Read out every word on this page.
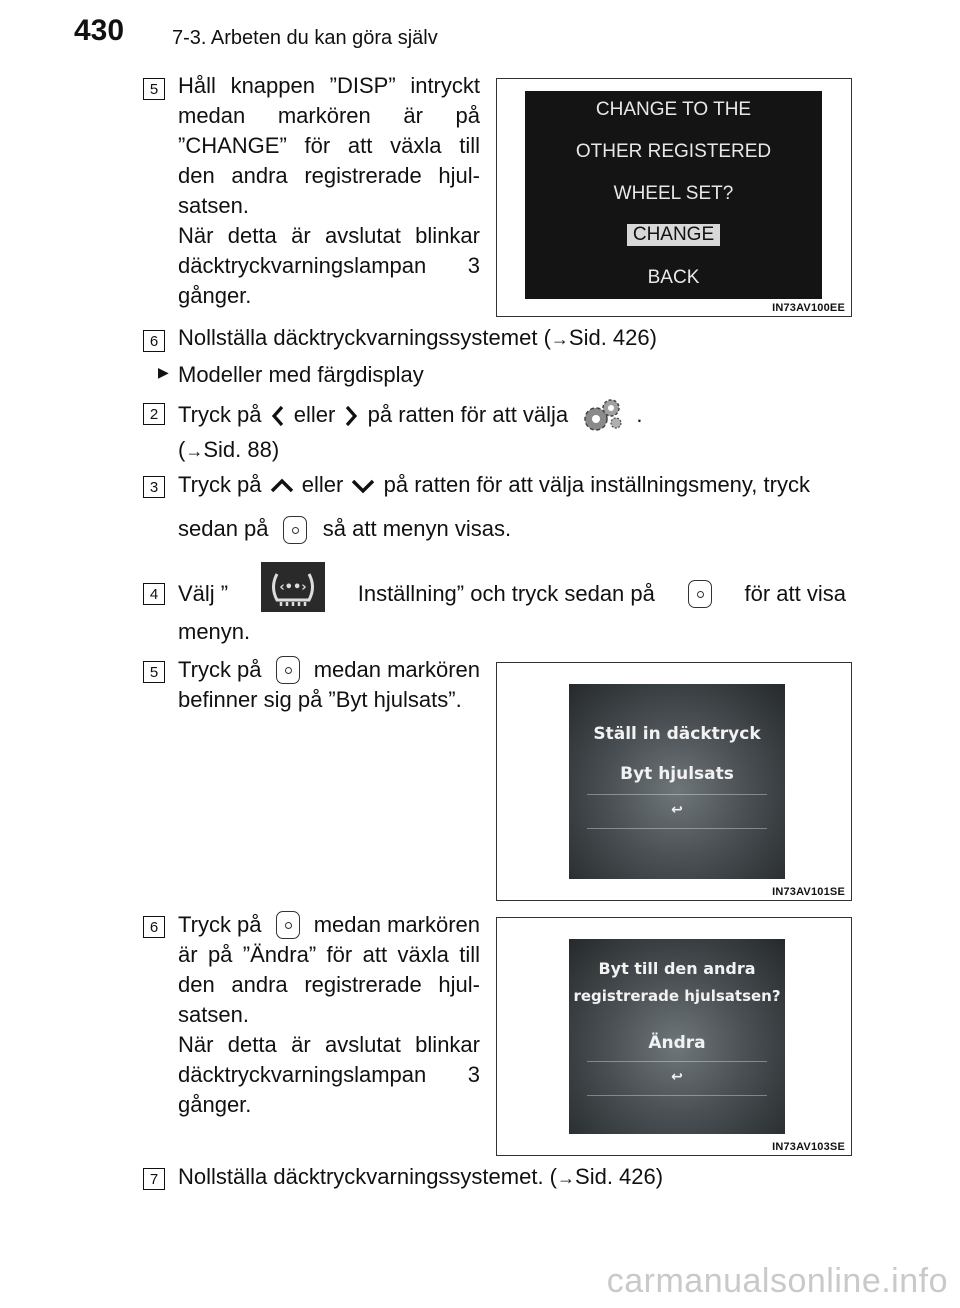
430 7-3. Arbeten du kan göra själv
5 Håll knappen ”DISP” intryckt
medan markören är på
”CHANGE” för att växla till
den andra registrerade hjul-
satsen.
När detta är avslutat blinkar
däcktryckvarningslampan 3
gånger.
CHANGE TO THE
OTHER REGISTERED
WHEEL SET?
CHANGE
BACK
IN73AV100EE
6 Nollställa däcktryckvarningssystemet (→Sid. 426)
▶ Modeller med färgdisplay
2 Tryck på eller på ratten för att välja	.
(→Sid. 88)
3 Tryck på eller på ratten för att välja inställningsmeny, tryck
sedan på så att menyn visas.
4 Välj ”	‹••› Inställning” och tryck sedan på	för att visa
menyn.
5 Tryck på medan markören
befinner sig på ”Byt hjulsats”.
Ställ in däcktryck
Byt hjulsats
↩
IN73AV101SE
6 Tryck på medan markören
är på ”Ändra” för att växla till
den andra registrerade hjul-
satsen.
När detta är avslutat blinkar
däcktryckvarningslampan 3
gånger.
Byt till den andra
registrerade hjulsatsen?
Ändra
↩
IN73AV103SE
7 Nollställa däcktryckvarningssystemet. (→Sid. 426)
carmanualsonline.info
